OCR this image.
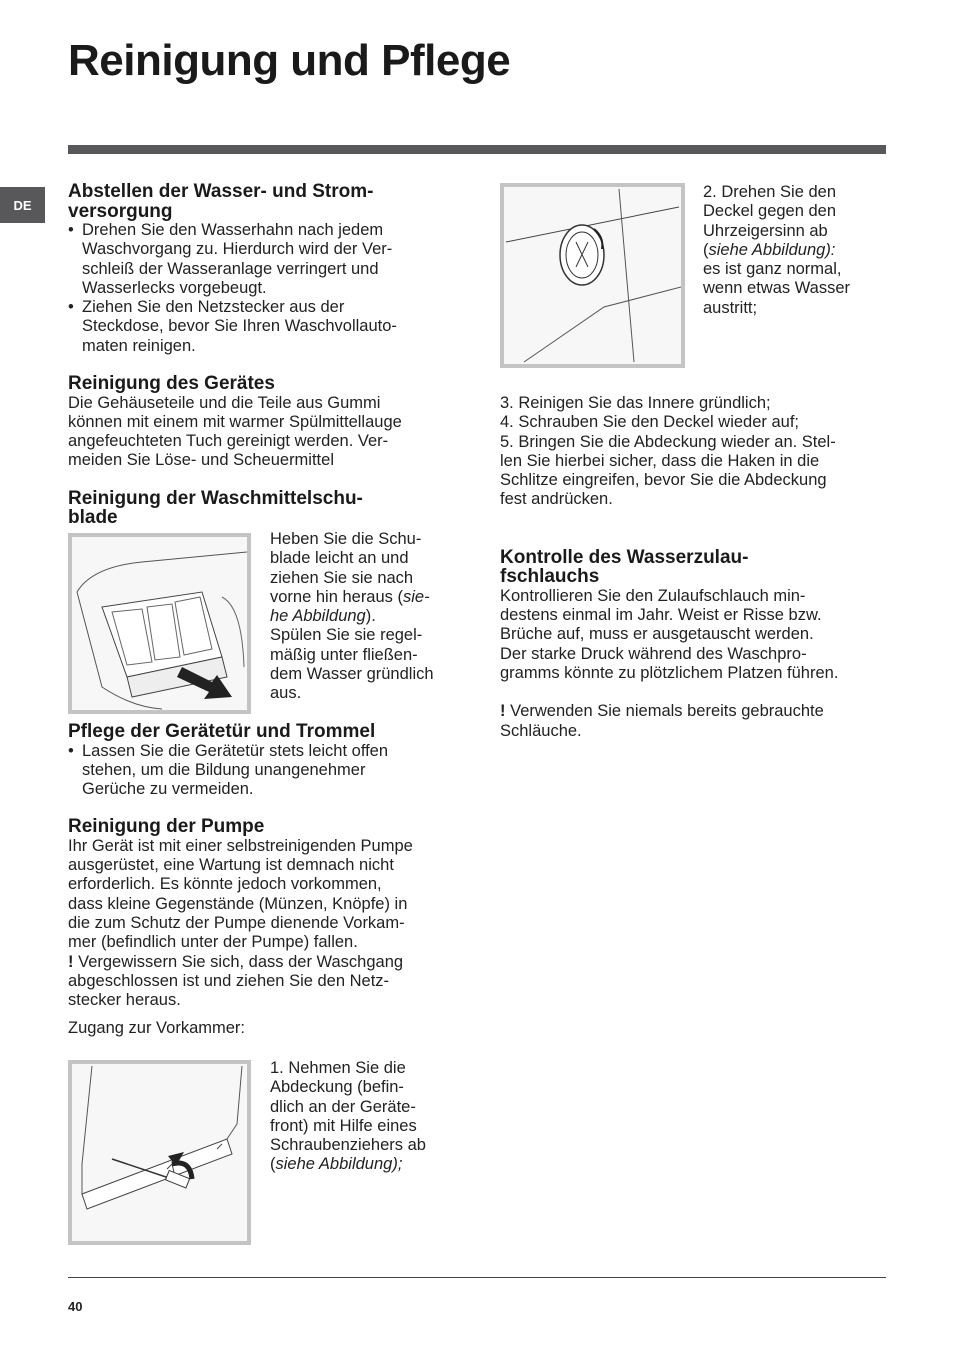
Reinigung und Pflege
DE

Abstellen der Wasser- und Strom-
versorgung

• Drehen Sie den Wasserhahn nach jedem
Waschvorgang zu. Hierdurch wird der Ver-
schleiß der Wasseranlage verringert und
Wasserlecks vorgebeugt.

• Ziehen Sie den Netzstecker aus der
Steckdose, bevor Sie Ihren Waschvollauto-
maten reinigen.

Reinigung des Gerätes

Die Gehäuseteile und die Teile aus Gummi
können mit einem mit warmer Spülmittellauge
angefeuchteten Tuch gereinigt werden. Ver-
meiden Sie Löse- und Scheuermittel

Reinigung der Waschmittelschu-
blade

Heben Sie die Schu-
blade leicht an und
ziehen Sie sie nach
vorne hin heraus (sie-
he Abbildung).
Spülen Sie sie regel-
mäßig unter fließen-
dem Wasser gründlich
aus.

Pflege der Gerätetür und Trommel

• Lassen Sie die Gerätetür stets leicht offen
stehen, um die Bildung unangenehmer
Gerüche zu vermeiden.

Reinigung der Pumpe

Ihr Gerät ist mit einer selbstreinigenden Pumpe
ausgerüstet, eine Wartung ist demnach nicht
erforderlich. Es könnte jedoch vorkommen,
dass kleine Gegenstände (Münzen, Knöpfe) in
die zum Schutz der Pumpe dienende Vorkam-
mer (befindlich unter der Pumpe) fallen.
! Vergewissern Sie sich, dass der Waschgang
abgeschlossen ist und ziehen Sie den Netz-
stecker heraus.

Zugang zur Vorkammer:

1. Nehmen Sie die
Abdeckung (befin-
dlich an der Geräte-
front) mit Hilfe eines
Schraubenziehers ab
(siehe Abbildung);
2. Drehen Sie den
Deckel gegen den
Uhrzeigersinn ab
(siehe Abbildung):
es ist ganz normal,
wenn etwas Wasser
austritt;

3. Reinigen Sie das Innere gründlich;
4. Schrauben Sie den Deckel wieder auf;
5. Bringen Sie die Abdeckung wieder an. Stel-
len Sie hierbei sicher, dass die Haken in die
Schlitze eingreifen, bevor Sie die Abdeckung
fest andrücken.

Kontrolle des Wasserzulau-
fschlauchs

Kontrollieren Sie den Zulaufschlauch min-
destens einmal im Jahr. Weist er Risse bzw.
Brüche auf, muss er ausgetauscht werden.
Der starke Druck während des Waschpro-
gramms könnte zu plötzlichem Platzen führen.

! Verwenden Sie niemals bereits gebrauchte
Schläuche.

40
